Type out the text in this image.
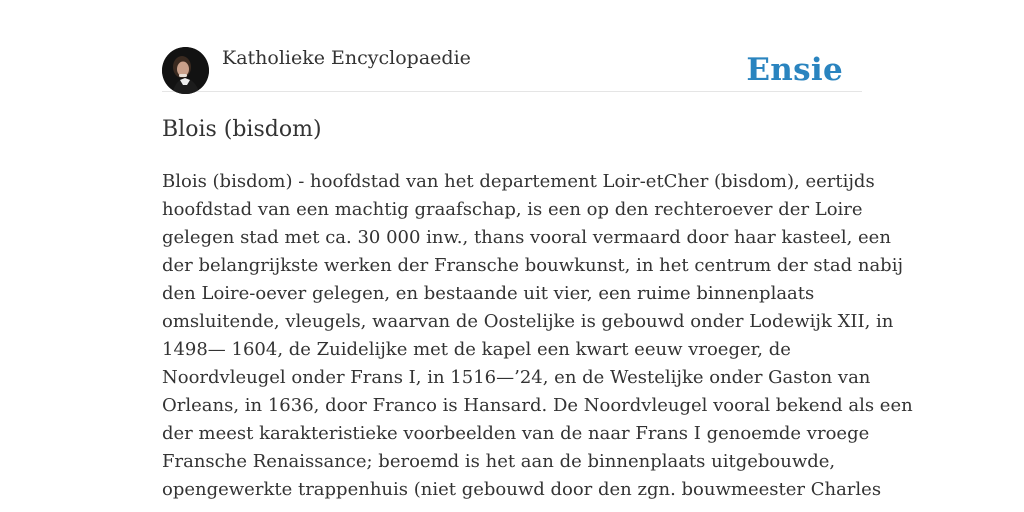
Katholieke Encyclopaedie	Ensie
Blois (bisdom)
Blois (bisdom) - hoofdstad van het departement Loir-etCher (bisdom), eertijds
hoofdstad van een machtig graafschap, is een op den rechteroever der Loire
gelegen stad met ca. 30 000 inw., thans vooral vermaard door haar kasteel, een
der belangrijkste werken der Fransche bouwkunst, in het centrum der stad nabij
den Loire-oever gelegen, en bestaande uit vier, een ruime binnenplaats
omsluitende, vleugels, waarvan de Oostelijke is gebouwd onder Lodewijk XII, in
1498— 1604, de Zuidelijke met de kapel een kwart eeuw vroeger, de
Noordvleugel onder Frans I, in 1516—’24, en de Westelijke onder Gaston van
Orleans, in 1636, door Franco is Hansard. De Noordvleugel vooral bekend als een
der meest karakteristieke voorbeelden van de naar Frans I genoemde vroege
Fransche Renaissance; beroemd is het aan de binnenplaats uitgebouwde,
opengewerkte trappenhuis (niet gebouwd door den zgn. bouwmeester Charles
